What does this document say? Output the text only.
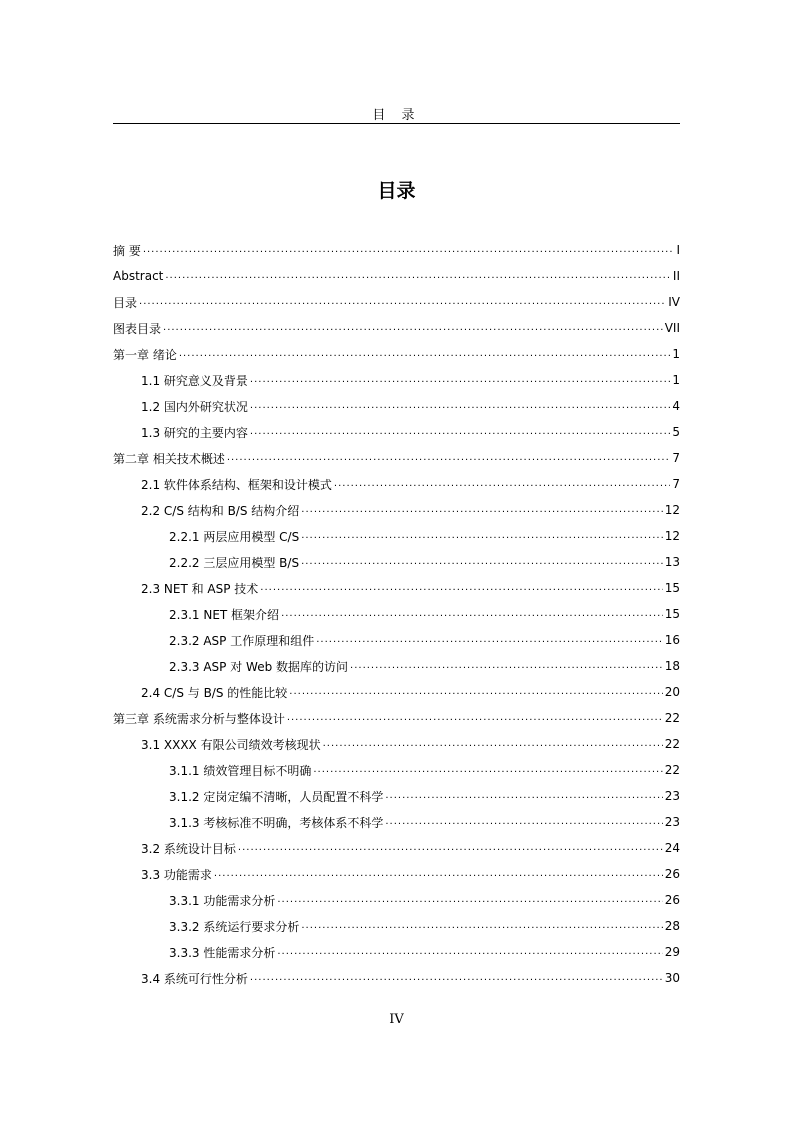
目 录
目录
摘 要 .....	I
Abstract .....	II
目录 .....	IV
图表目录 .....	VII
第一章 绪论 .....	1
1.1 研究意义及背景 .....	1
1.2 国内外研究状况 .....	4
1.3 研究的主要内容 .....	5
第二章 相关技术概述 .....	7
2.1 软件体系结构、框架和设计模式 .....	7
2.2 C/S 结构和 B/S 结构介绍 .....	12
2.2.1 两层应用模型 C/S .....	12
2.2.2 三层应用模型 B/S .....	13
2.3 NET 和 ASP 技术 .....	15
2.3.1 NET 框架介绍 .....	15
2.3.2 ASP 工作原理和组件 .....	16
2.3.3 ASP 对 Web 数据库的访问 .....	18
2.4 C/S 与 B/S 的性能比较 .....	20
第三章 系统需求分析与整体设计 .....	22
3.1 XXXX 有限公司绩效考核现状 .....	22
3.1.1 绩效管理目标不明确 .....	22
3.1.2 定岗定编不清晰，人员配置不科学 .....	23
3.1.3 考核标准不明确，考核体系不科学 .....	23
3.2 系统设计目标 .....	24
3.3 功能需求 .....	26
3.3.1 功能需求分析 .....	26
3.3.2 系统运行要求分析 .....	28
3.3.3 性能需求分析 .....	29
3.4 系统可行性分析 .....	30
IV
